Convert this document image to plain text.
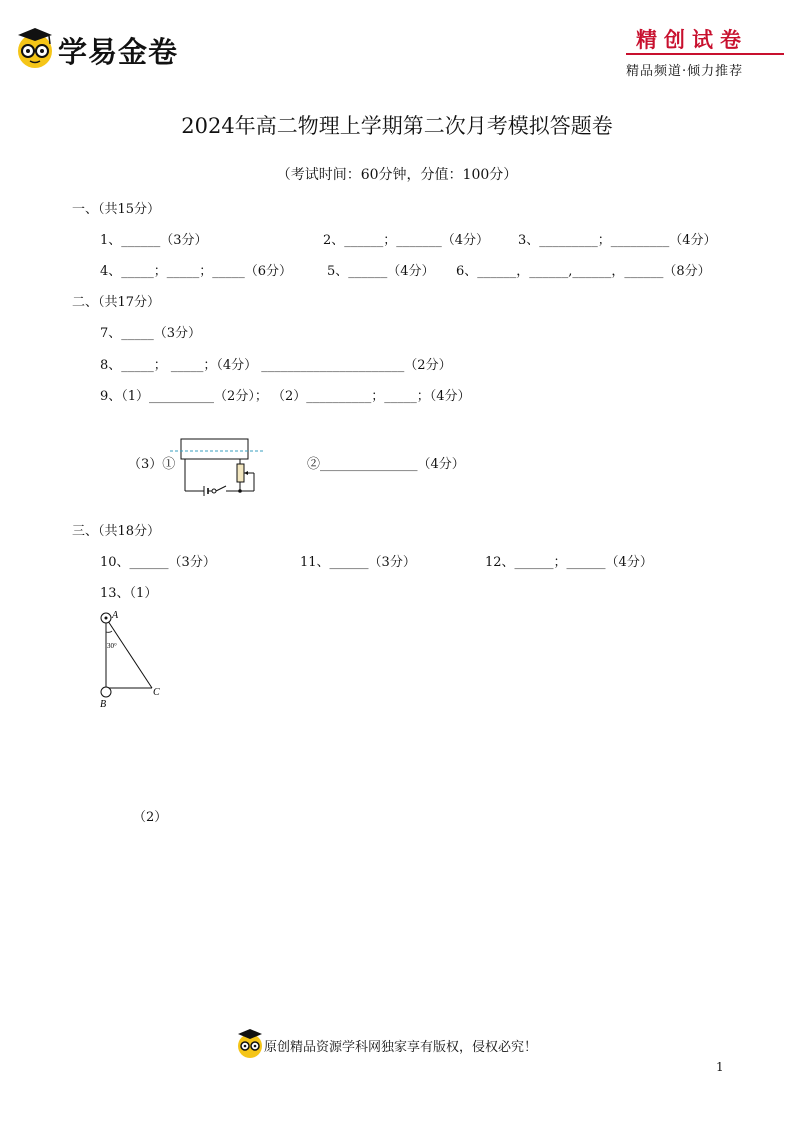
学易金卷	精创试卷
精品频道·倾力推荐
2024年高二物理上学期第二次月考模拟答题卷
（考试时间：60分钟，分值：100分）
一、（共15分）
1、______（3分）	2、______；_______（4分） 3、_________；_________（4分）
4、_____；_____；_____（6分）	5、______（4分） 6、______，______,______，______（8分）
二、（共17分）
7、_____（3分）
8、_____； _____；（4分） ______________________（2分）
9、（1）__________（2分）； （2）__________；_____；（4分）
（3）①	②_______________（4分）
三、（共18分）
10、______（3分）	11、______（3分）	12、______；______（4分）
13、（1）
A
B
C
30°
（2）
原创精品资源学科网独家享有版权，侵权必究！
1
